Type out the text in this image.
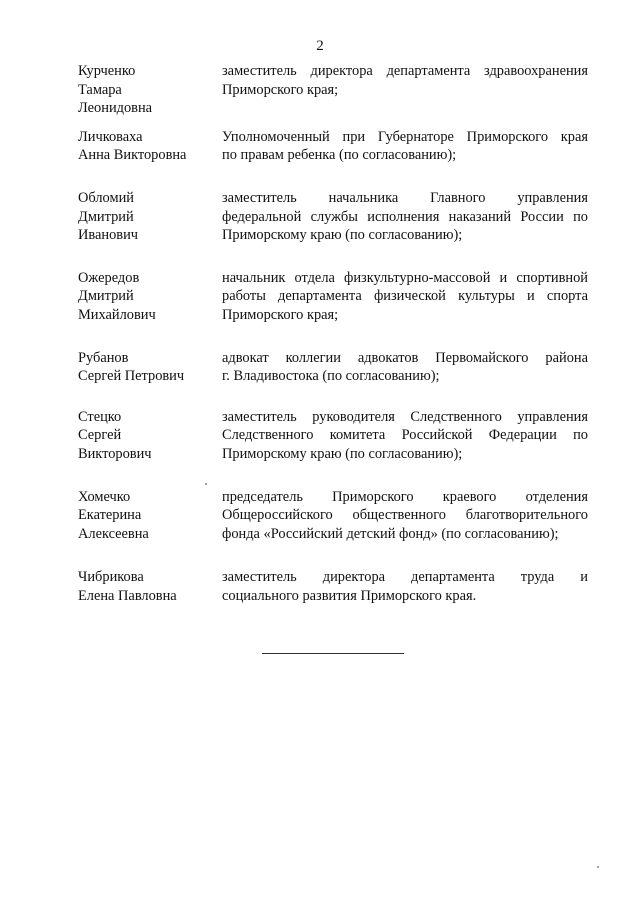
2
Курченко
Тамара
Леонидовна
заместитель директора департамента здравоохранения
Приморского края;
Личковаха
Анна Викторовна
Уполномоченный при Губернаторе Приморского края
по правам ребенка (по согласованию);
Обломий
Дмитрий
Иванович
заместитель начальника Главного управления
федеральной службы исполнения наказаний России по
Приморскому краю (по согласованию);
Ожередов
Дмитрий
Михайлович
начальник отдела физкультурно-массовой и спортивной
работы департамента физической культуры и спорта
Приморского края;
Рубанов
Сергей Петрович
адвокат коллегии адвокатов Первомайского района
г. Владивостока (по согласованию);
Стецко
Сергей
Викторович
заместитель руководителя Следственного управления
Следственного комитета Российской Федерации по
Приморскому краю (по согласованию);
Хомечко
Екатерина
Алексеевна
председатель Приморского краевого отделения
Общероссийского общественного благотворительного
фонда «Российский детский фонд» (по согласованию);
Чибрикова
Елена Павловна
заместитель директора департамента труда и
социального развития Приморского края.
